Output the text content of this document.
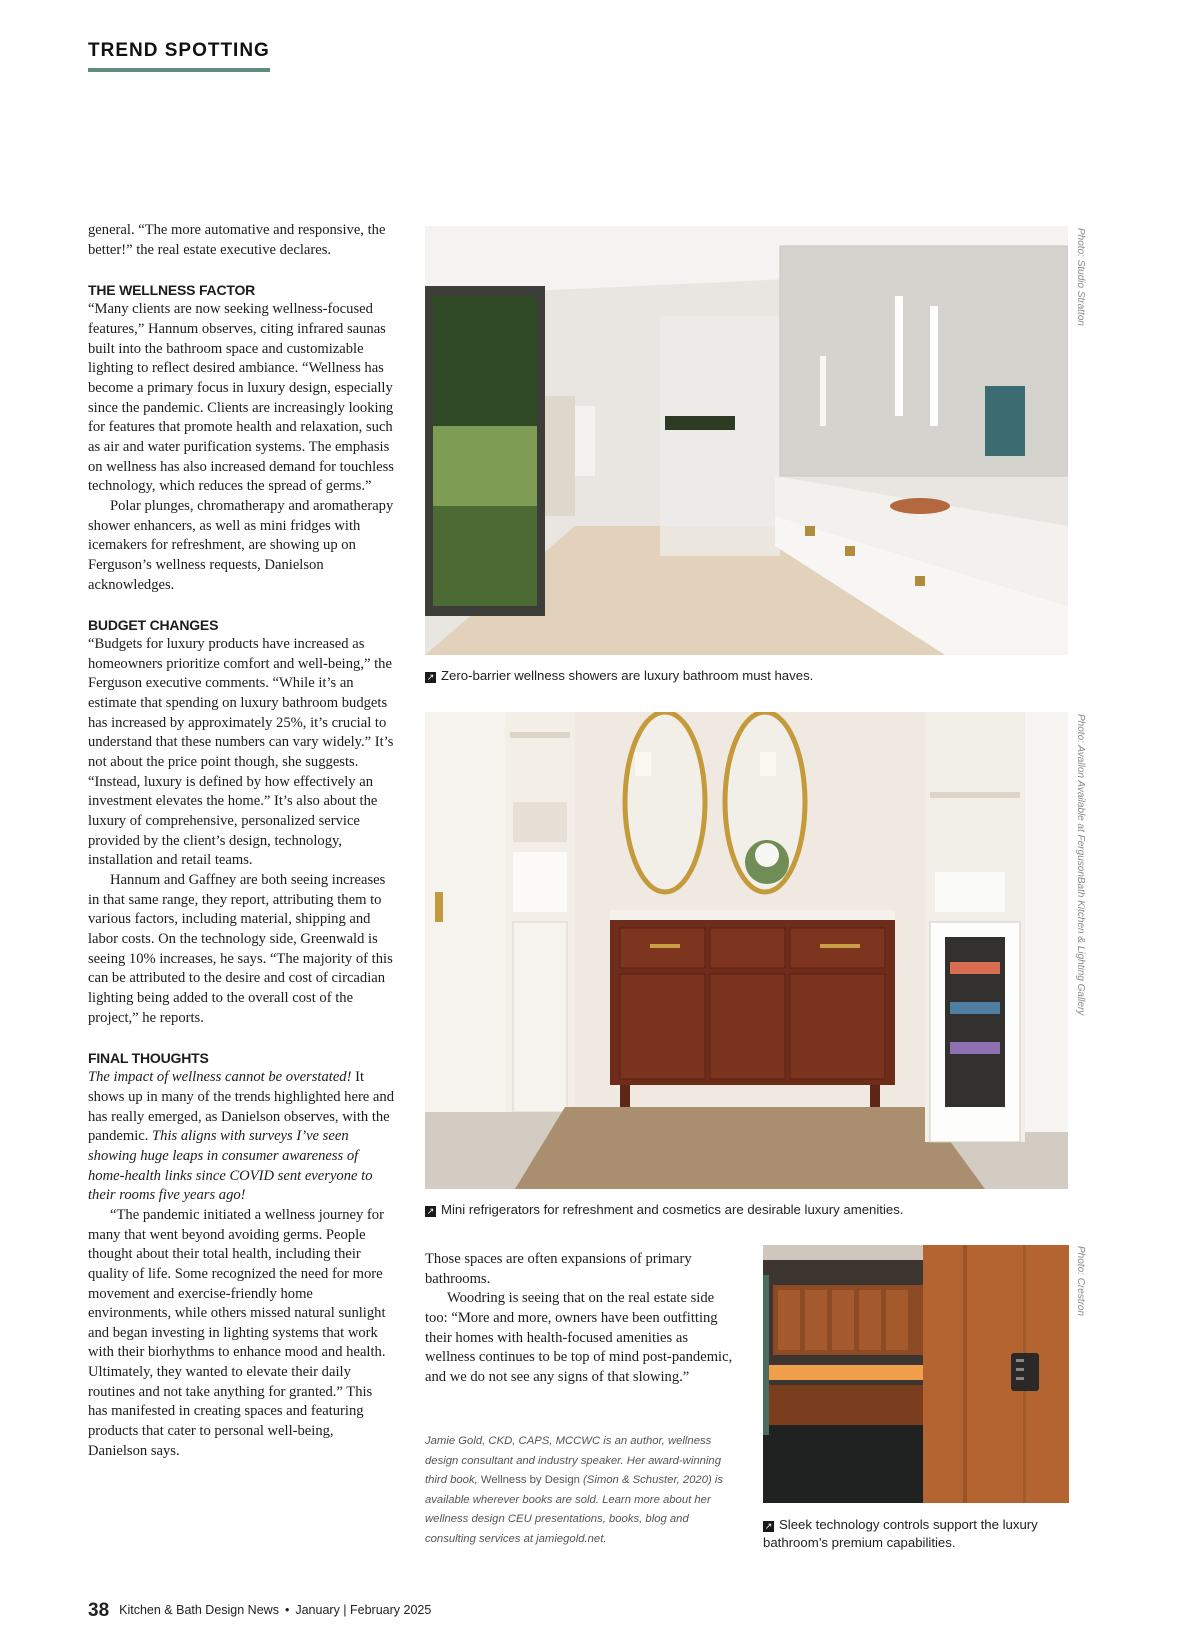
TREND SPOTTING

general. “The more automative and responsive, the better!” the real estate executive declares.

THE WELLNESS FACTOR

“Many clients are now seeking wellness-focused features,” Hannum observes, citing infrared saunas built into the bathroom space and customizable lighting to reflect desired ambiance. “Wellness has become a primary focus in luxury design, especially since the pandemic. Clients are increasingly looking for features that promote health and relaxation, such as air and water purification systems. The emphasis on wellness has also increased demand for touchless technology, which reduces the spread of germs.”

Polar plunges, chromatherapy and aromatherapy shower enhancers, as well as mini fridges with icemakers for refreshment, are showing up on Ferguson’s wellness requests, Danielson acknowledges.

BUDGET CHANGES

“Budgets for luxury products have increased as homeowners prioritize comfort and well-being,” the Ferguson executive comments. “While it’s an estimate that spending on luxury bathroom budgets has increased by approximately 25%, it’s crucial to understand that these numbers can vary widely.” It’s not about the price point though, she suggests. “Instead, luxury is defined by how effectively an investment elevates the home.” It’s also about the luxury of comprehensive, personalized service provided by the client’s design, technology, installation and retail teams.

Hannum and Gaffney are both seeing increases in that same range, they report, attributing them to various factors, including material, shipping and labor costs. On the technology side, Greenwald is seeing 10% increases, he says. “The majority of this can be attributed to the desire and cost of circadian lighting being added to the overall cost of the project,” he reports.

FINAL THOUGHTS

The impact of wellness cannot be overstated! It shows up in many of the trends highlighted here and has really emerged, as Danielson observes, with the pandemic. This aligns with surveys I’ve seen showing huge leaps in consumer awareness of home-health links since COVID sent everyone to their rooms five years ago!

“The pandemic initiated a wellness journey for many that went beyond avoiding germs. People thought about their total health, including their quality of life. Some recognized the need for more movement and exercise-friendly home environments, while others missed natural sunlight and began investing in lighting systems that work with their biorhythms to enhance mood and health. Ultimately, they wanted to elevate their daily routines and not take anything for granted.” This has manifested in creating spaces and featuring products that cater to personal well-being, Danielson says.

Photo: Studio Stratton
↗ Zero-barrier wellness showers are luxury bathroom must haves.
Photo: Avallon Available at FergusonBath Kitchen & Lighting Gallery
↗ Mini refrigerators for refreshment and cosmetics are desirable luxury amenities.

Those spaces are often expansions of primary bathrooms.

Woodring is seeing that on the real estate side too: “More and more, owners have been outfitting their homes with health-focused amenities as wellness continues to be top of mind post-pandemic, and we do not see any signs of that slowing.”

Jamie Gold, CKD, CAPS, MCCWC is an author, wellness design consultant and industry speaker. Her award-winning third book, Wellness by Design (Simon & Schuster, 2020) is available wherever books are sold. Learn more about her wellness design CEU presentations, books, blog and consulting services at jamiegold.net.
Photo: Crestron
↗ Sleek technology controls support the luxury bathroom’s premium capabilities.
38 Kitchen & Bath Design News • January | February 2025
